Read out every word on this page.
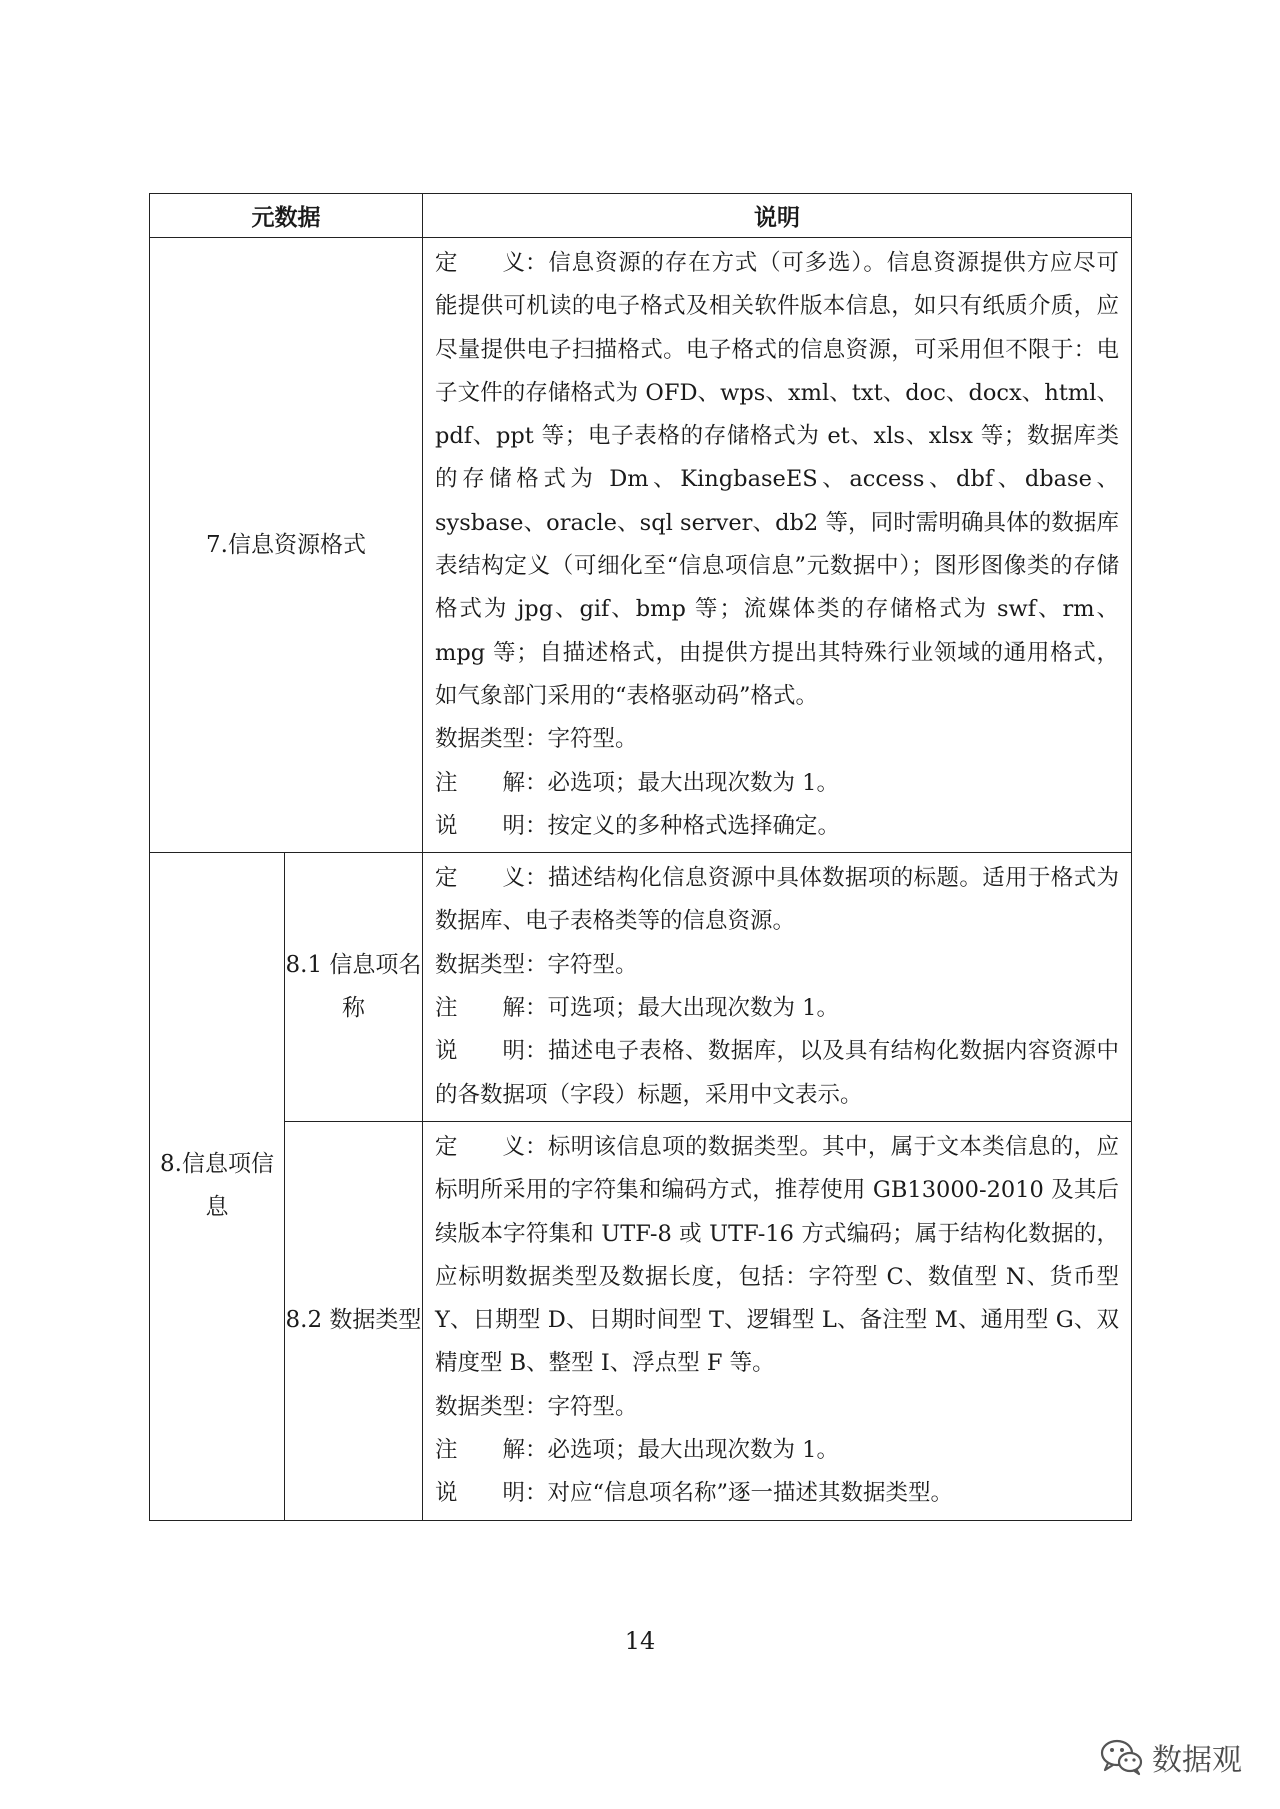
元数据		说明
7.信息资源格式		定　　义：信息资源的存在方式（可多选）。信息资源提供方应尽可能提供可机读的电子格式及相关软件版本信息，如只有纸质介质，应尽量提供电子扫描格式。电子格式的信息资源，可采用但不限于：电子文件的存储格式为 OFD、wps、xml、txt、doc、docx、html、pdf、ppt 等；电子表格的存储格式为 et、xls、xlsx 等；数据库类的存储格式为 Dm、KingbaseES、access、dbf、dbase、sysbase、oracle、sql server、db2 等，同时需明确具体的数据库表结构定义（可细化至“信息项信息”元数据中）；图形图像类的存储格式为 jpg、gif、bmp 等；流媒体类的存储格式为 swf、rm、mpg 等；自描述格式，由提供方提出其特殊行业领域的通用格式，如气象部门采用的“表格驱动码”格式。

数据类型：字符型。

注　　解：必选项；最大出现次数为 1。

说　　明：按定义的多种格式选择确定。

8.信息项信息	8.1 信息项名称	定　　义：描述结构化信息资源中具体数据项的标题。适用于格式为数据库、电子表格类等的信息资源。

数据类型：字符型。

注　　解：可选项；最大出现次数为 1。

说　　明：描述电子表格、数据库，以及具有结构化数据内容资源中的各数据项（字段）标题，采用中文表示。

	8.2 数据类型	定　　义：标明该信息项的数据类型。其中，属于文本类信息的，应标明所采用的字符集和编码方式，推荐使用 GB13000-2010 及其后续版本字符集和 UTF-8 或 UTF-16 方式编码；属于结构化数据的，应标明数据类型及数据长度，包括：字符型 C、数值型 N、货币型 Y、日期型 D、日期时间型 T、逻辑型 L、备注型 M、通用型 G、双精度型 B、整型 I、浮点型 F 等。

数据类型：字符型。

注　　解：必选项；最大出现次数为 1。

说　　明：对应“信息项名称”逐一描述其数据类型。

14
数据观
